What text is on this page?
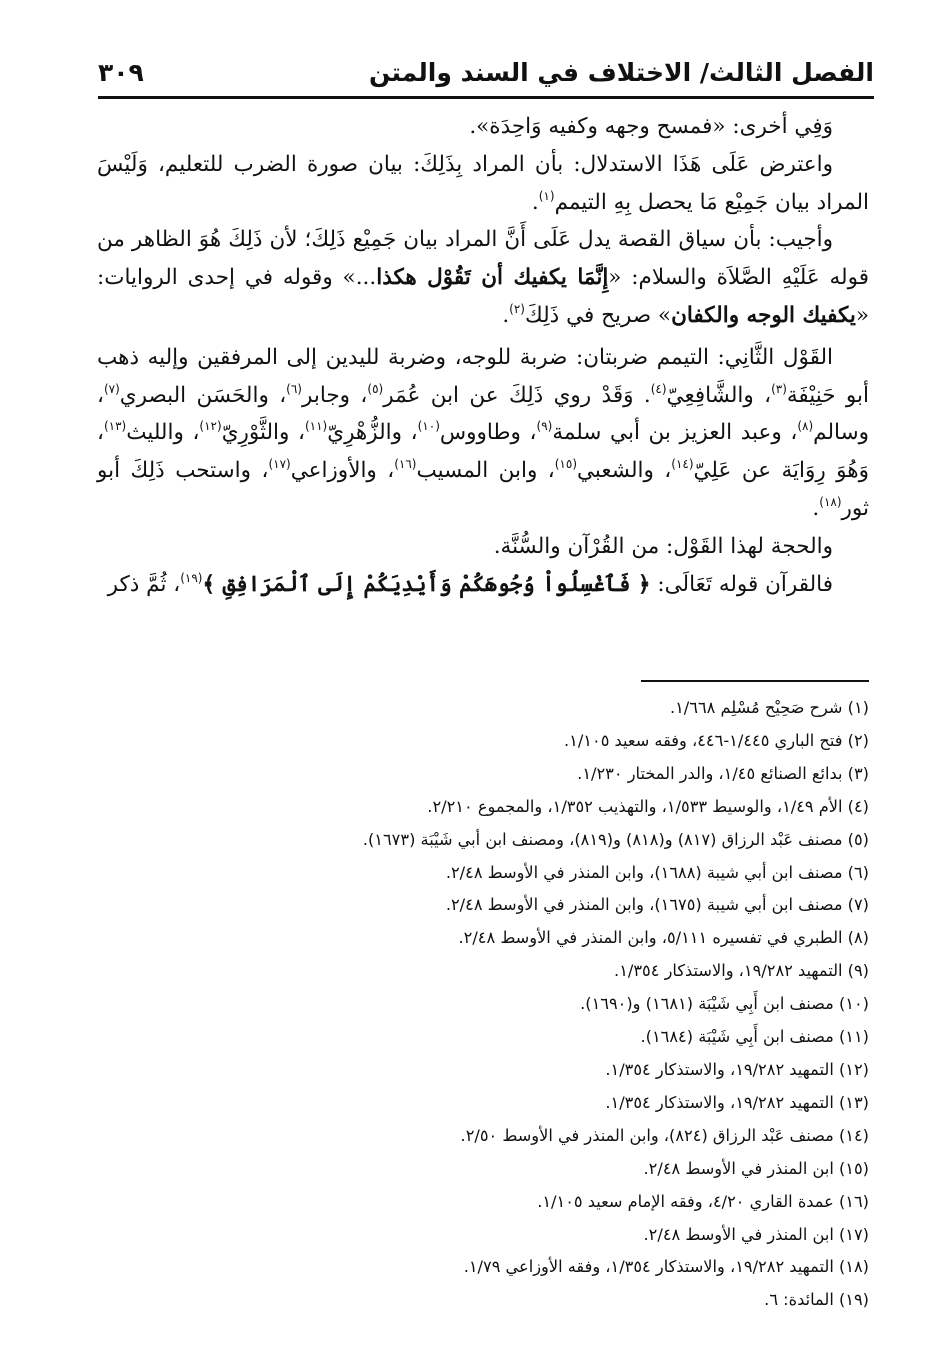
الفصل الثالث/ الاختلاف في السند والمتن
٣٠٩

وَفِي أخرى: «فمسح وجهه وكفيه وَاحِدَة».

واعترض عَلَى هَذَا الاستدلال: بأن المراد بِذَلِكَ: بيان صورة الضرب للتعليم، وَلَيْسَ المراد بيان جَمِيْع مَا يحصل بِهِ التيمم$^{(١)}$.

وأجيب: بأن سياق القصة يدل عَلَى أَنَّ المراد بيان جَمِيْع ذَلِكَ؛ لأن ذَلِكَ هُوَ الظاهر من قوله عَلَيْهِ الصَّلاَة والسلام: «إِنَّمَا يكفيك أن تَقُوْل هكذا...» وقوله في إحدى الروايات: «يكفيك الوجه والكفان» صريح في ذَلِكَ$^{(٢)}$.

القَوْل الثَّانِي: التيمم ضربتان: ضربة للوجه، وضربة لليدين إلى المرفقين وإليه ذهب أبو حَنِيْفَة$^{(٣)}$، والشَّافِعِيّ$^{(٤)}$. وَقَدْ روي ذَلِكَ عن ابن عُمَر$^{(٥)}$، وجابر$^{(٦)}$، والحَسَن البصري$^{(٧)}$، وسالم$^{(٨)}$، وعبد العزيز بن أبي سلمة$^{(٩)}$، وطاووس$^{(١٠)}$، والزُّهْرِيّ$^{(١١)}$، والثَّوْرِيّ$^{(١٢)}$، والليث$^{(١٣)}$، وَهُوَ رِوَايَة عن عَلِيّ$^{(١٤)}$، والشعبي$^{(١٥)}$، وابن المسيب$^{(١٦)}$، والأوزاعي$^{(١٧)}$، واستحب ذَلِكَ أبو ثور$^{(١٨)}$.

والحجة لهذا القَوْل: من القُرْآن والسُّنَّة.

فالقرآن قوله تَعَالَى: ﴿ فَٱغْسِلُواْ وُجُوهَكُمْ وَأَيْدِيَكُمْ إِلَى ٱلْمَرَافِقِ ﴾$^{(١٩)}$، ثُمَّ ذكر

(١) شرح صَحِيْح مُسْلِم ١/٦٦٨.
(٢) فتح الباري ١/٤٤٥-٤٤٦، وفقه سعيد ١/١٠٥.
(٣) بدائع الصنائع ١/٤٥، والدر المختار ١/٢٣٠.
(٤) الأم ١/٤٩، والوسيط ١/٥٣٣، والتهذيب ١/٣٥٢، والمجموع ٢/٢١٠.
(٥) مصنف عَبْد الرزاق (٨١٧) و(٨١٨) و(٨١٩)، ومصنف ابن أبي شَيْبَة (١٦٧٣).
(٦) مصنف ابن أبي شيبة (١٦٨٨)، وابن المنذر في الأوسط ٢/٤٨.
(٧) مصنف ابن أبي شيبة (١٦٧٥)، وابن المنذر في الأوسط ٢/٤٨.
(٨) الطبري في تفسيره ٥/١١١، وابن المنذر في الأوسط ٢/٤٨.
(٩) التمهيد ١٩/٢٨٢، والاستذكار ١/٣٥٤.
(١٠) مصنف ابن أَبِي شَيْبَة (١٦٨١) و(١٦٩٠).
(١١) مصنف ابن أَبِي شَيْبَة (١٦٨٤).
(١٢) التمهيد ١٩/٢٨٢، والاستذكار ١/٣٥٤.
(١٣) التمهيد ١٩/٢٨٢، والاستذكار ١/٣٥٤.
(١٤) مصنف عَبْد الرزاق (٨٢٤)، وابن المنذر في الأوسط ٢/٥٠.
(١٥) ابن المنذر في الأوسط ٢/٤٨.
(١٦) عمدة القاري ٤/٢٠، وفقه الإمام سعيد ١/١٠٥.
(١٧) ابن المنذر في الأوسط ٢/٤٨.
(١٨) التمهيد ١٩/٢٨٢، والاستذكار ١/٣٥٤، وفقه الأوزاعي ١/٧٩.
(١٩) المائدة: ٦.
